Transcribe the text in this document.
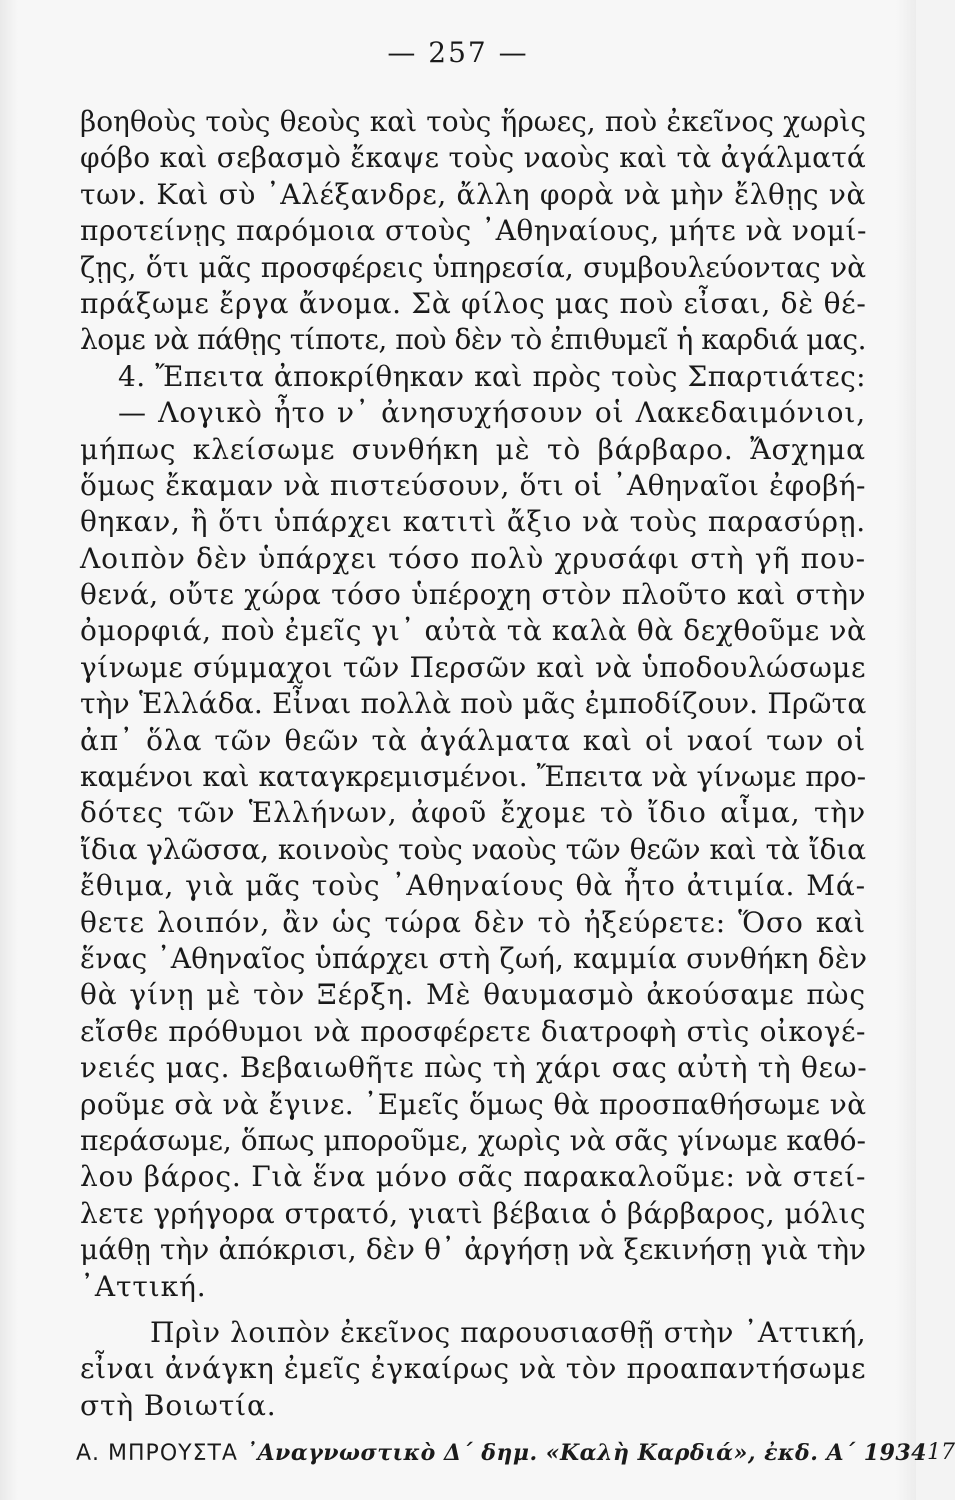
— 257 —
βοηθοὺς τοὺς θεοὺς καὶ τοὺς ἥρωες, ποὺ ἐκεῖνος χωρὶς
φόβο καὶ σεβασμὸ ἔκαψε τοὺς ναοὺς καὶ τὰ ἀγάλματά
των. Καὶ σὺ ᾿Αλέξανδρε, ἄλλη φορὰ νὰ μὴν ἔλθῃς νὰ
προτείνῃς παρόμοια στοὺς ᾿Αθηναίους, μήτε νὰ νομί-
ζῃς, ὅτι μᾶς προσφέρεις ὑπηρεσία, συμβουλεύοντας νὰ
πράξωμε ἔργα ἄνομα. Σὰ φίλος μας ποὺ εἶσαι, δὲ θέ-
λομε νὰ πάθῃς τίποτε, ποὺ δὲν τὸ ἐπιθυμεῖ ἡ καρδιά μας.
4. Ἔπειτα ἀποκρίθηκαν καὶ πρὸς τοὺς Σπαρτιάτες:
— Λογικὸ ἦτο ν᾿ ἀνησυχήσουν οἱ Λακεδαιμόνιοι,
μήπως κλείσωμε συνθήκη μὲ τὸ βάρβαρο. Ἄσχημα
ὅμως ἔκαμαν νὰ πιστεύσουν, ὅτι οἱ ᾿Αθηναῖοι ἐφοβή-
θηκαν, ἢ ὅτι ὑπάρχει κατιτὶ ἄξιο νὰ τοὺς παρασύρῃ.
Λοιπὸν δὲν ὑπάρχει τόσο πολὺ χρυσάφι στὴ γῆ που-
θενά, οὔτε χώρα τόσο ὑπέροχη στὸν πλοῦτο καὶ στὴν
ὀμορφιά, ποὺ ἐμεῖς γι᾿ αὐτὰ τὰ καλὰ θὰ δεχθοῦμε νὰ
γίνωμε σύμμαχοι τῶν Περσῶν καὶ νὰ ὑποδουλώσωμε
τὴν Ἑλλάδα. Εἶναι πολλὰ ποὺ μᾶς ἐμποδίζουν. Πρῶτα
ἀπ᾿ ὅλα τῶν θεῶν τὰ ἀγάλματα καὶ οἱ ναοί των οἱ
καμένοι καὶ καταγκρεμισμένοι. Ἔπειτα νὰ γίνωμε προ-
δότες τῶν Ἑλλήνων, ἀφοῦ ἔχομε τὸ ἴδιο αἷμα, τὴν
ἴδια γλῶσσα, κοινοὺς τοὺς ναοὺς τῶν θεῶν καὶ τὰ ἴδια
ἔθιμα, γιὰ μᾶς τοὺς ᾿Αθηναίους θὰ ἦτο ἀτιμία. Μά-
θετε λοιπόν, ἂν ὡς τώρα δὲν τὸ ἠξεύρετε: Ὅσο καὶ
ἕνας ᾿Αθηναῖος ὑπάρχει στὴ ζωή, καμμία συνθήκη δὲν
θὰ γίνῃ μὲ τὸν Ξέρξη. Μὲ θαυμασμὸ ἀκούσαμε πὼς
εἴσθε πρόθυμοι νὰ προσφέρετε διατροφὴ στὶς οἰκογέ-
νειές μας. Βεβαιωθῆτε πὼς τὴ χάρι σας αὐτὴ τὴ θεω-
ροῦμε σὰ νὰ ἔγινε. ᾿Εμεῖς ὅμως θὰ προσπαθήσωμε νὰ
περάσωμε, ὅπως μποροῦμε, χωρὶς νὰ σᾶς γίνωμε καθό-
λου βάρος. Γιὰ ἕνα μόνο σᾶς παρακαλοῦμε: νὰ στεί-
λετε γρήγορα στρατό, γιατὶ βέβαια ὁ βάρβαρος, μόλις
μάθῃ τὴν ἀπόκρισι, δὲν θ᾿ ἀργήσῃ νὰ ξεκινήσῃ γιὰ τὴν
᾿Αττική.
Πρὶν λοιπὸν ἐκεῖνος παρουσιασθῇ στὴν ᾿Αττική,
εἶναι ἀνάγκη ἐμεῖς ἐγκαίρως νὰ τὸν προαπαντήσωμε
στὴ Βοιωτία.
Α. ΜΠΡΟΥΣΤΑ ᾿Αναγνωστικὸ Δ΄ δημ. «Καλὴ Καρδιά», ἐκδ. Α΄ 1934 17
